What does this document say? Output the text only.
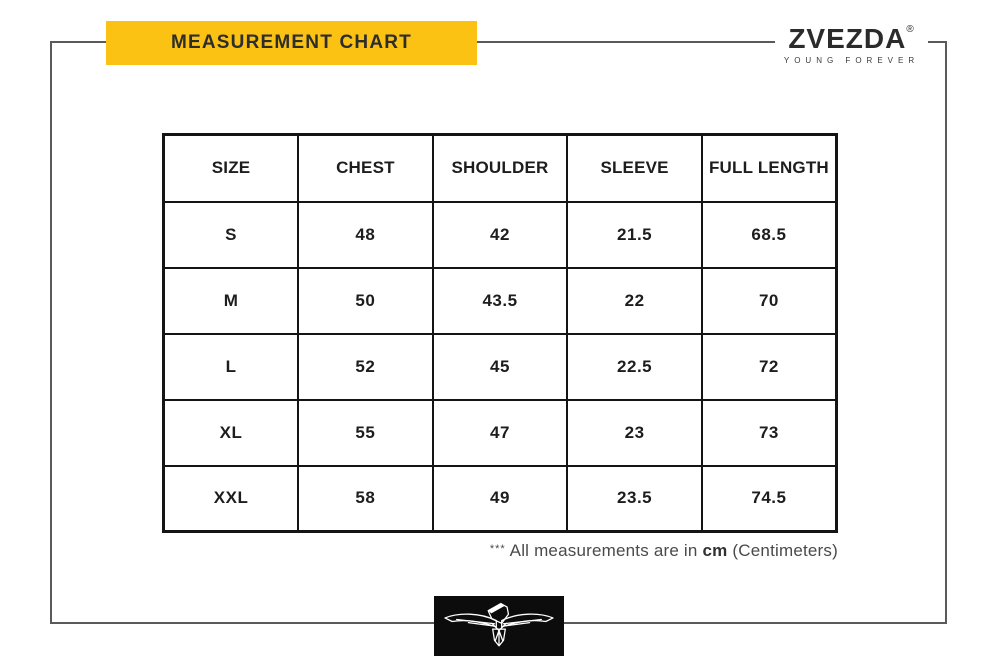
MEASUREMENT CHART	ZVEZDA®
YOUNG FOREVER
SIZE	CHEST	SHOULDER	SLEEVE	FULL LENGTH
S	48	42	21.5	68.5
M	50	43.5	22	70
L	52	45	22.5	72
XL	55	47	23	73
XXL	58	49	23.5	74.5
*** All measurements are in cm (Centimeters)
